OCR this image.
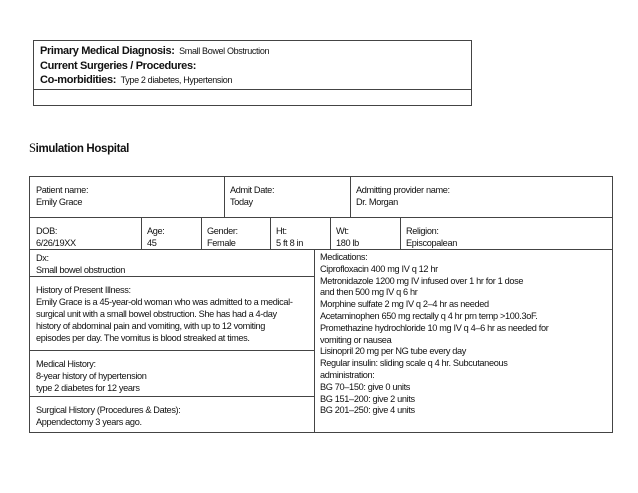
Primary Medical Diagnosis: Small Bowel Obstruction
Current Surgeries / Procedures:
Co-morbidities: Type 2 diabetes, Hypertension
Simulation Hospital
Patient name:
Emily Grace
Admit Date:
Today
Admitting provider name:
Dr. Morgan
DOB:
6/26/19XX
Age:
45
Gender:
Female
Ht:
5 ft 8 in
Wt:
180 lb
Religion:
Episcopalean
Dx:
Small bowel obstruction
History of Present Illness:
Emily Grace is a 45-year-old woman who was admitted to a medical-
surgical unit with a small bowel obstruction. She has had a 4-day
history of abdominal pain and vomiting, with up to 12 vomiting
episodes per day. The vomitus is blood streaked at times.
Medical History:
8-year history of hypertension
type 2 diabetes for 12 years
Surgical History (Procedures & Dates):
Appendectomy 3 years ago.
Medications:
Ciprofloxacin 400 mg IV q 12 hr
Metronidazole 1200 mg IV infused over 1 hr for 1 dose
and then 500 mg IV q 6 hr
Morphine sulfate 2 mg IV q 2–4 hr as needed
Acetaminophen 650 mg rectally q 4 hr prn temp >100.3oF.
Promethazine hydrochloride 10 mg IV q 4–6 hr as needed for
vomiting or nausea
Lisinopril 20 mg per NG tube every day
Regular insulin: sliding scale q 4 hr. Subcutaneous
administration:
BG 70–150: give 0 units
BG 151–200: give 2 units
BG 201–250: give 4 units
